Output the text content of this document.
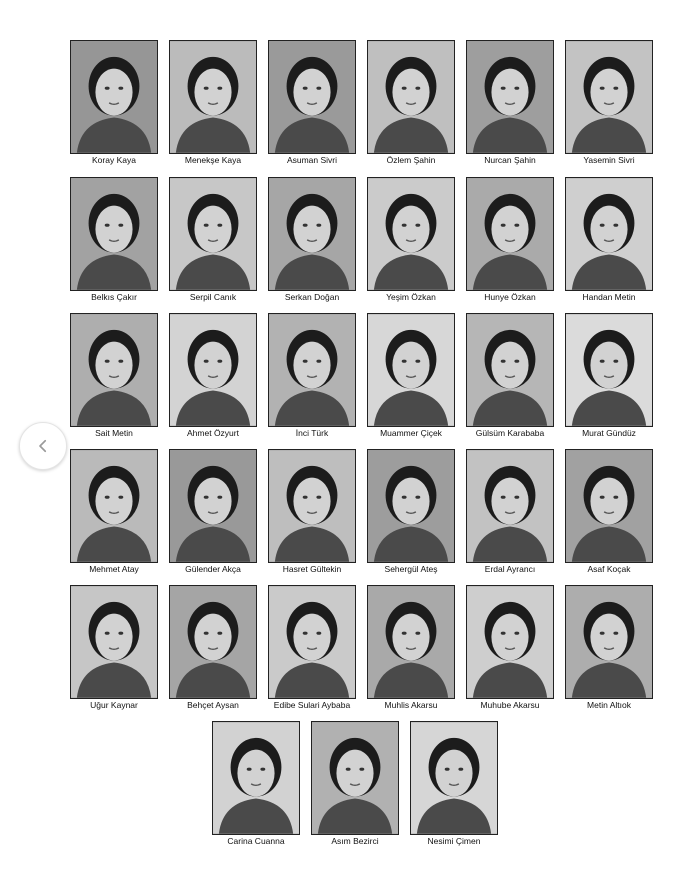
Koray Kaya	Menekşe Kaya	Asuman Sivri	Özlem Şahin	Nurcan Şahin	Yasemin Sivri
Belkıs Çakır	Serpil Canık	Serkan Doğan	Yeşim Özkan	Hunye Özkan	Handan Metin
Sait Metin	Ahmet Özyurt	İnci Türk	Muammer Çiçek	Gülsüm Karababa	Murat Gündüz
Mehmet Atay	Gülender Akça	Hasret Gültekin	Sehergül Ateş	Erdal Ayrancı	Asaf Koçak
Uğur Kaynar	Behçet Aysan	Edibe Sulari Aybaba	Muhlis Akarsu	Muhube Akarsu	Metin Altıok
Carina Cuanna	Asım Bezirci	Nesimi Çimen
